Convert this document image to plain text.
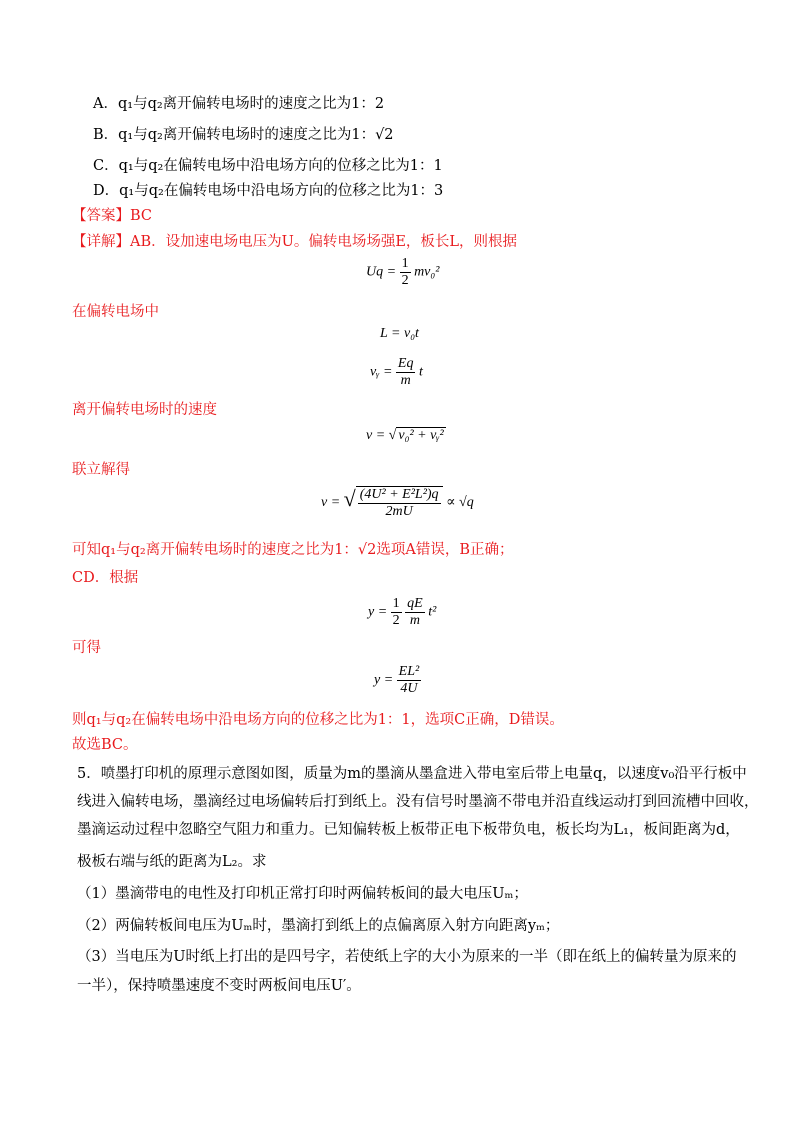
A．q₁与q₂离开偏转电场时的速度之比为1：2
B．q₁与q₂离开偏转电场时的速度之比为1：√2
C．q₁与q₂在偏转电场中沿电场方向的位移之比为1：1
D．q₁与q₂在偏转电场中沿电场方向的位移之比为1：3
【答案】BC
【详解】AB．设加速电场电压为U。偏转电场场强E，板长L，则根据
$Uq = \frac{1}{2} mv_0^2$
在偏转电场中
L = v₀t
vᵧ = $\frac{Eq}{m}$ t
离开偏转电场时的速度
v = √ v₀² + vᵧ²
联立解得
v = √ $\frac{\text{(4U² + E²L²)q}}{2mU} \propto √q$
可知q₁与q₂离开偏转电场时的速度之比为1：√2选项A错误，B正确；
CD．根据
$y = \frac{1}{2}$
$\frac{qE}{m} t^2$
可得
$y = \frac{\text{EL²}}{4U}$
则q₁与q₂在偏转电场中沿电场方向的位移之比为1：1，选项C正确，D错误。
故选BC。
5．喷墨打印机的原理示意图如图，质量为m的墨滴从墨盒进入带电室后带上电量q，以速度v₀沿平行板中
线进入偏转电场，墨滴经过电场偏转后打到纸上。没有信号时墨滴不带电并沿直线运动打到回流槽中回收，
墨滴运动过程中忽略空气阻力和重力。已知偏转板上板带正电下板带负电，板长均为L₁，板间距离为d，
极板右端与纸的距离为L₂。求
（1）墨滴带电的电性及打印机正常打印时两偏转板间的最大电压Uₘ；
（2）两偏转板间电压为Uₘ时，墨滴打到纸上的点偏离原入射方向距离yₘ；
（3）当电压为U时纸上打出的是四号字，若使纸上字的大小为原来的一半（即在纸上的偏转量为原来的
一半），保持喷墨速度不变时两板间电压U′。
